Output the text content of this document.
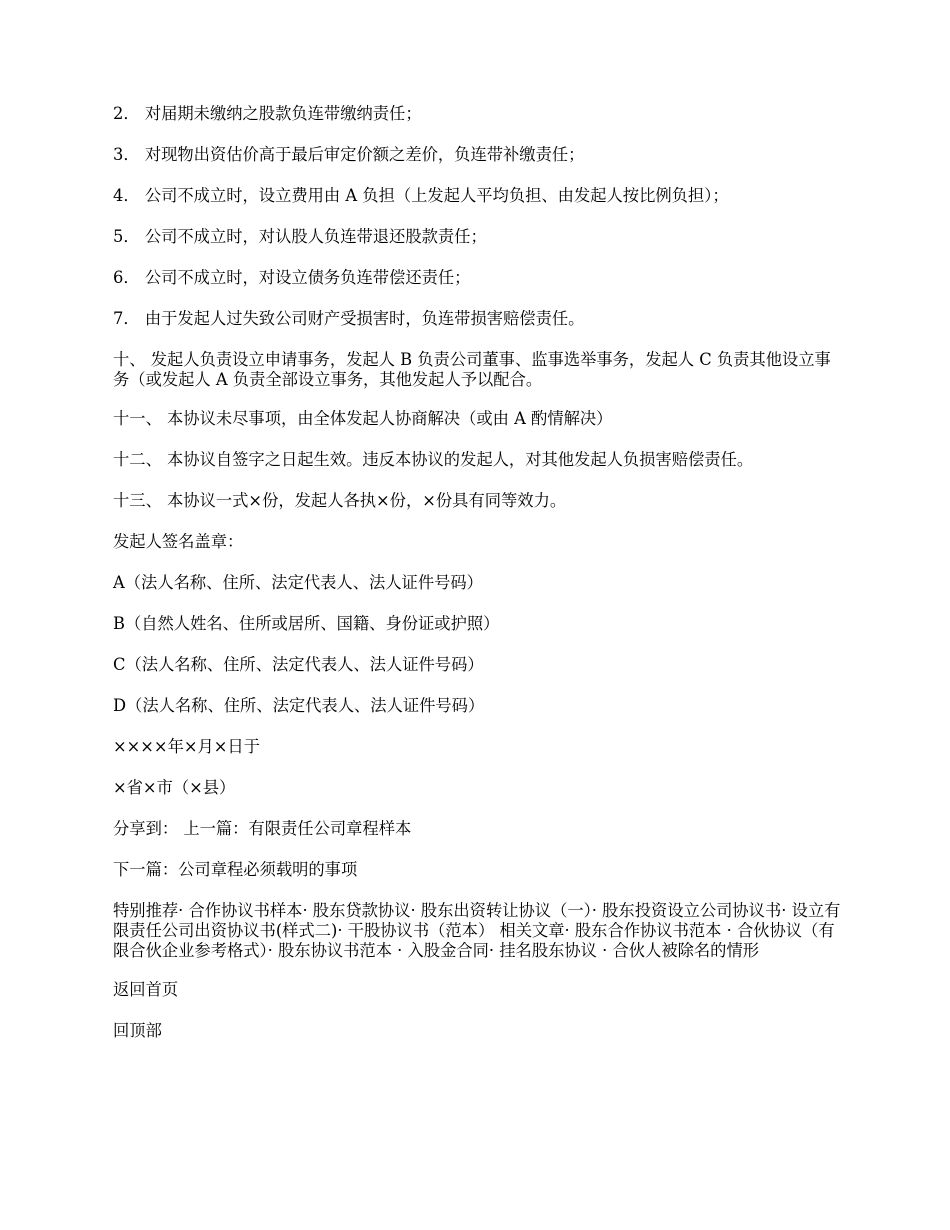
2． 对届期未缴纳之股款负连带缴纳责任；

3． 对现物出资估价高于最后审定价额之差价，负连带补缴责任；

4． 公司不成立时，设立费用由 A 负担（上发起人平均负担、由发起人按比例负担）；

5． 公司不成立时，对认股人负连带退还股款责任；

6． 公司不成立时，对设立债务负连带偿还责任；

7． 由于发起人过失致公司财产受损害时，负连带损害赔偿责任。

十、 发起人负责设立申请事务，发起人 B 负责公司董事、监事选举事务，发起人 C 负责其他设立事务（或发起人 A 负责全部设立事务，其他发起人予以配合。

十一、 本协议未尽事项，由全体发起人协商解决（或由 A 酌情解决）

十二、 本协议自签字之日起生效。违反本协议的发起人，对其他发起人负损害赔偿责任。

十三、 本协议一式×份，发起人各执×份，×份具有同等效力。

发起人签名盖章：

A（法人名称、住所、法定代表人、法人证件号码）

B（自然人姓名、住所或居所、国籍、身份证或护照）

C（法人名称、住所、法定代表人、法人证件号码）

D（法人名称、住所、法定代表人、法人证件号码）

××××年×月×日于

×省×市（×县）

分享到： 上一篇：有限责任公司章程样本

下一篇：公司章程必须载明的事项

特别推荐· 合作协议书样本· 股东贷款协议· 股东出资转让协议（一）· 股东投资设立公司协议书· 设立有限责任公司出资协议书(样式二)· 干股协议书（范本） 相关文章· 股东合作协议书范本 · 合伙协议（有限合伙企业参考格式）· 股东协议书范本 · 入股金合同· 挂名股东协议 · 合伙人被除名的情形

返回首页

回顶部
